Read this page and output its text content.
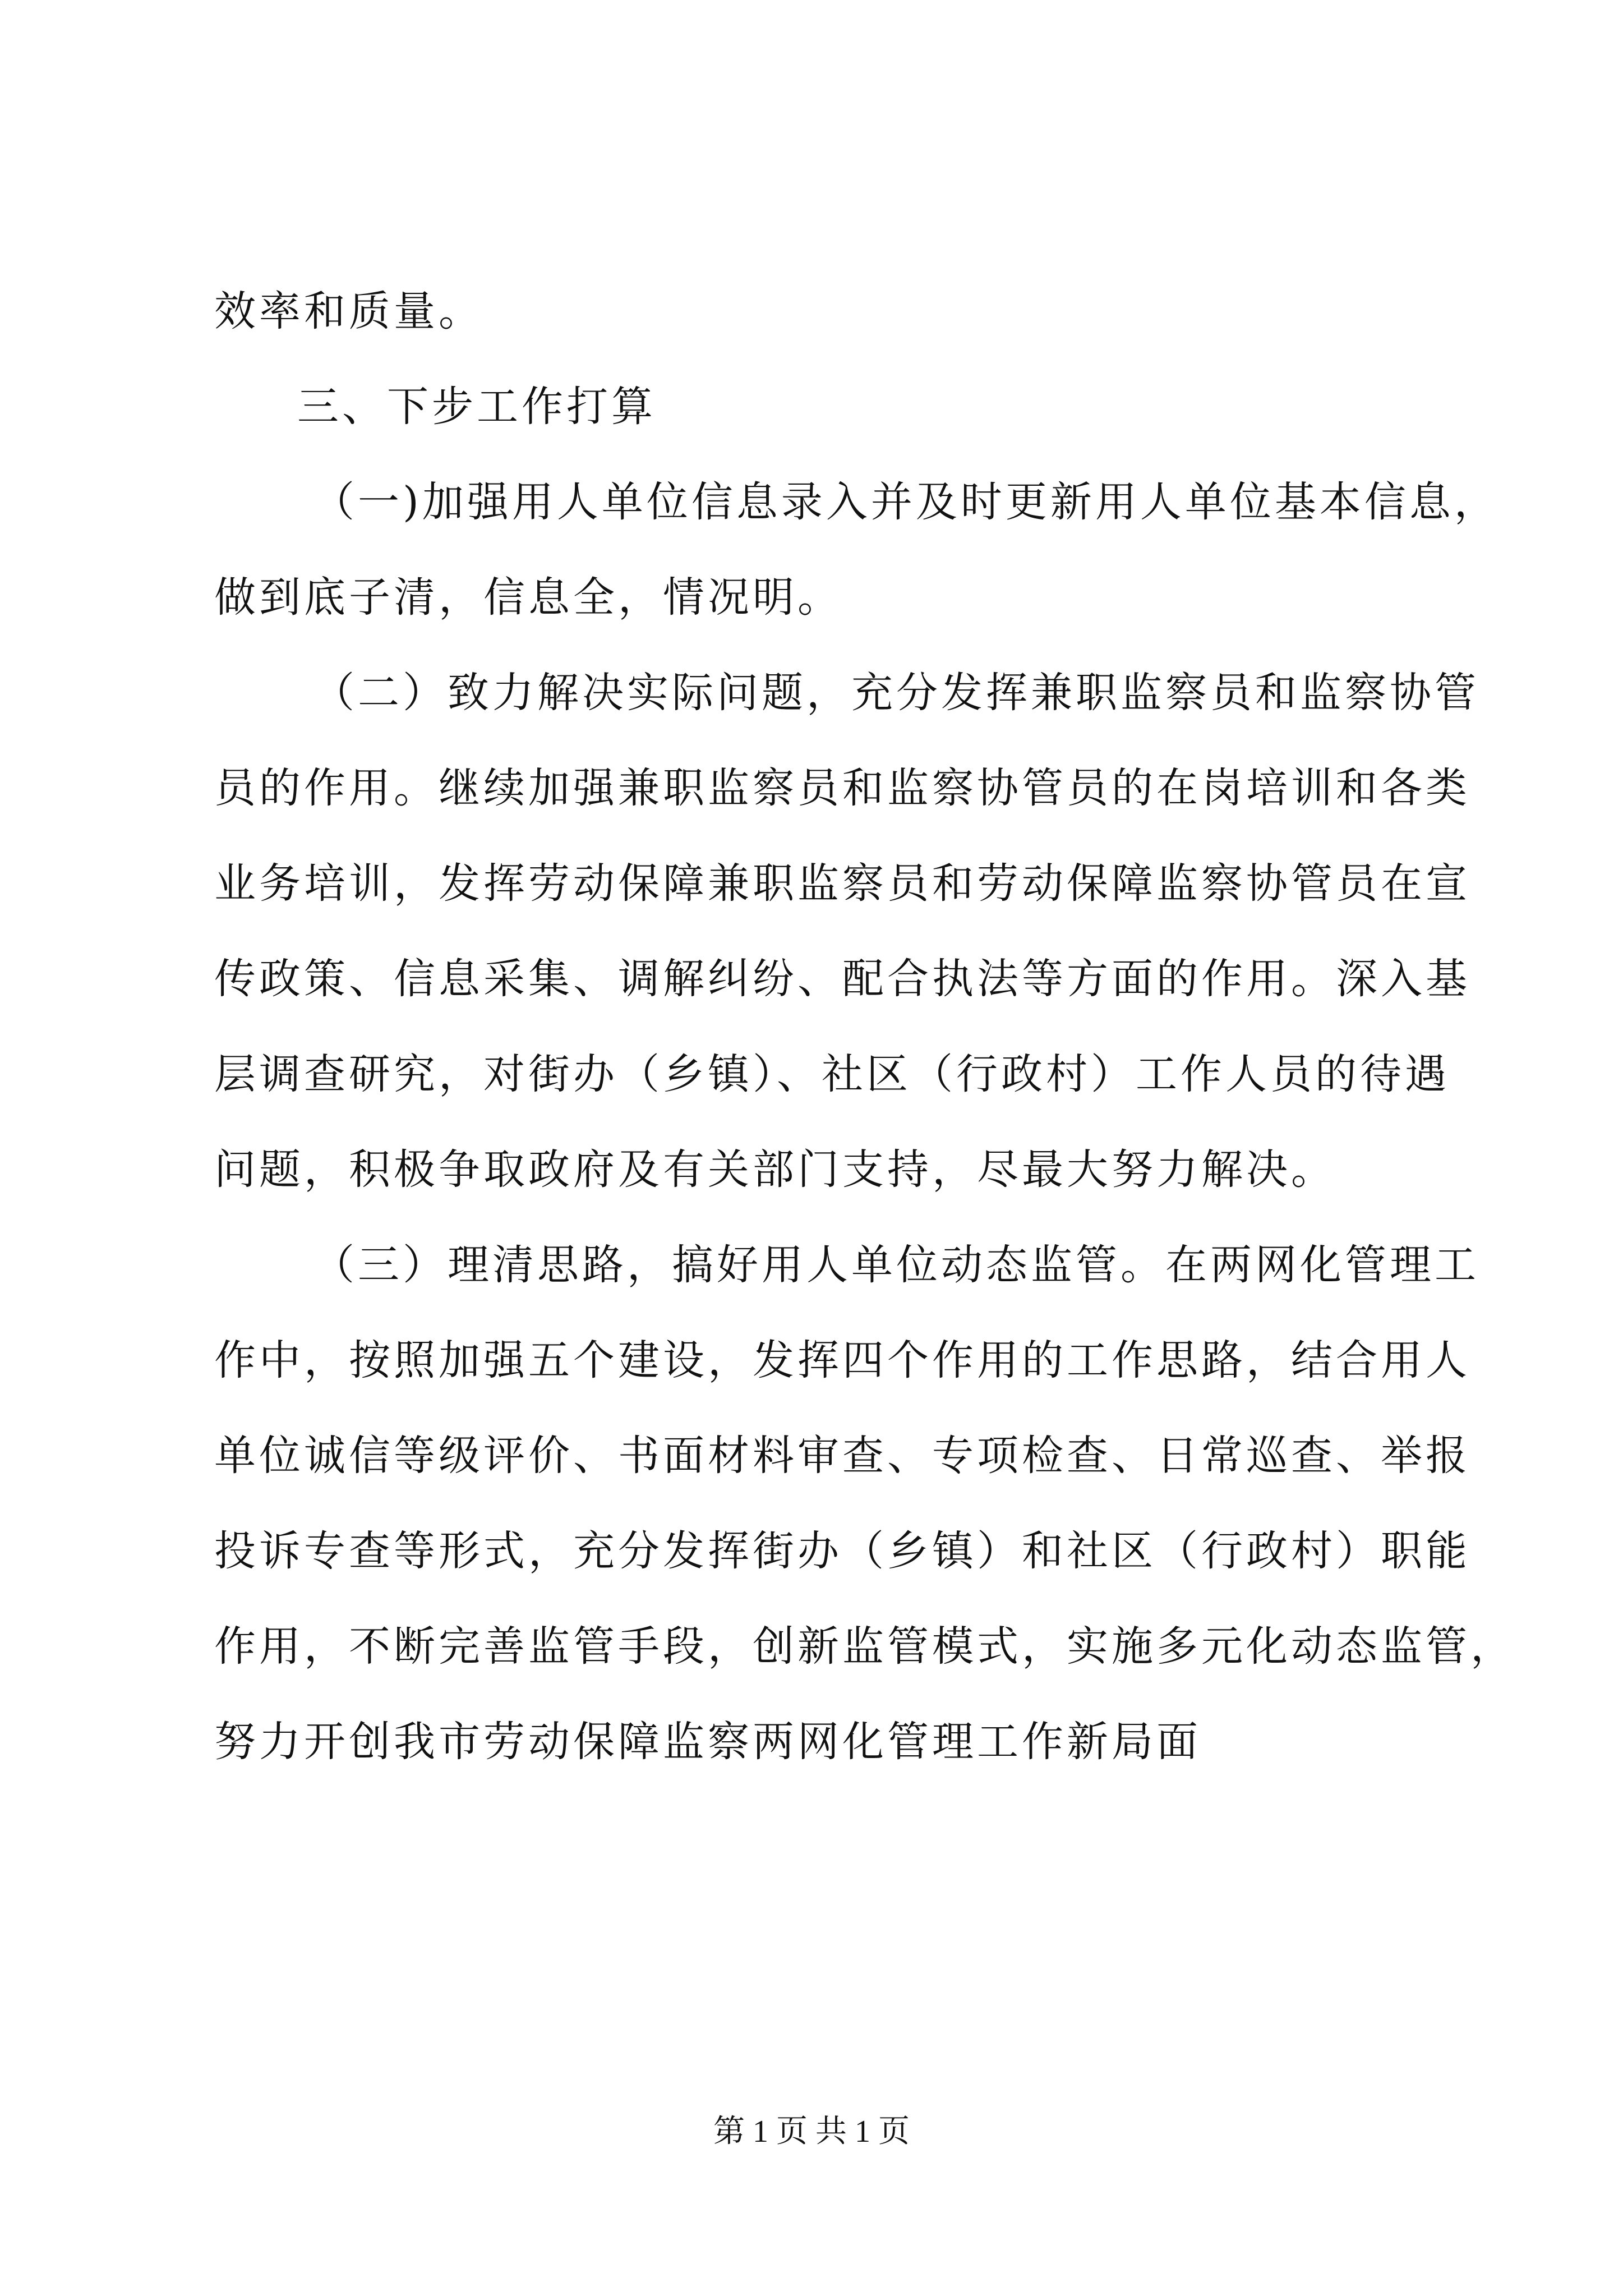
效率和质量。
三、下步工作打算
（一)加强用人单位信息录入并及时更新用人单位基本信息，
做到底子清，信息全，情况明。
（二）致力解决实际问题，充分发挥兼职监察员和监察协管
员的作用。继续加强兼职监察员和监察协管员的在岗培训和各类
业务培训，发挥劳动保障兼职监察员和劳动保障监察协管员在宣
传政策、信息采集、调解纠纷、配合执法等方面的作用。深入基
层调查研究，对街办（乡镇）、社区（行政村）工作人员的待遇
问题，积极争取政府及有关部门支持，尽最大努力解决。
（三）理清思路，搞好用人单位动态监管。在两网化管理工
作中，按照加强五个建设，发挥四个作用的工作思路，结合用人
单位诚信等级评价、书面材料审查、专项检查、日常巡查、举报
投诉专查等形式，充分发挥街办（乡镇）和社区（行政村）职能
作用，不断完善监管手段，创新监管模式，实施多元化动态监管，
努力开创我市劳动保障监察两网化管理工作新局面
第 1 页 共 1 页
